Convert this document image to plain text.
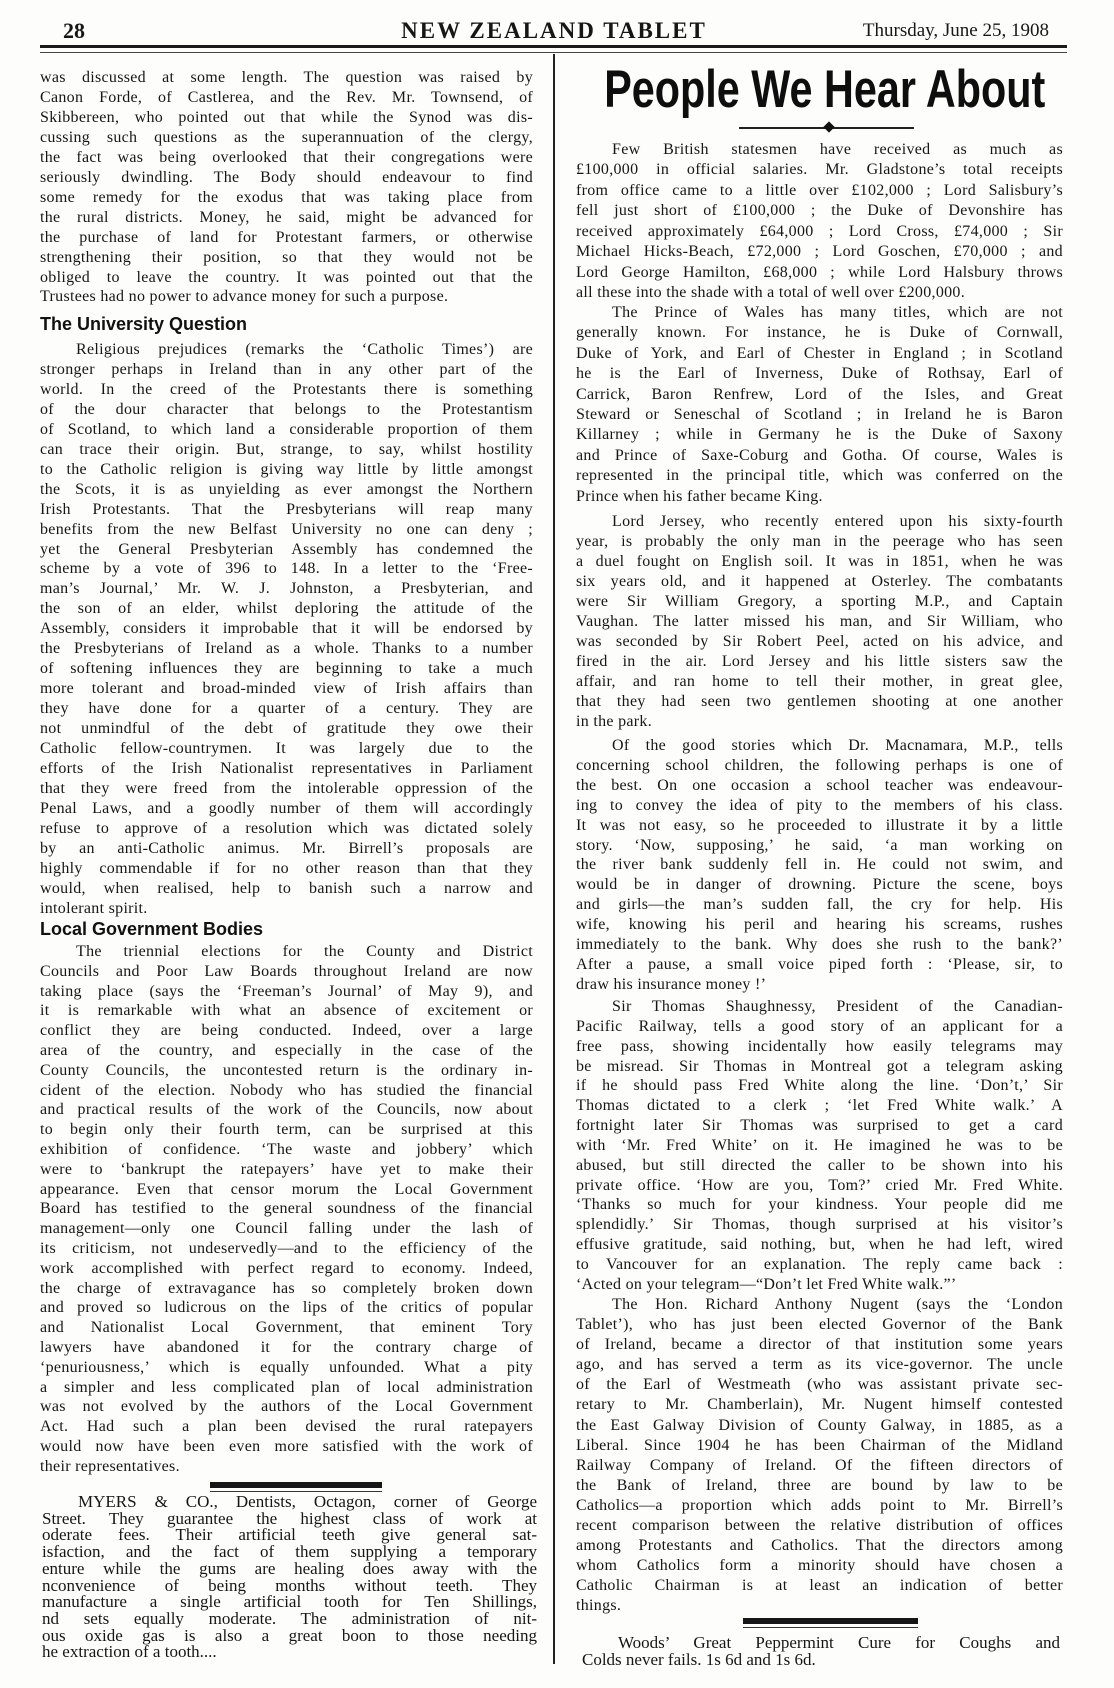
28	NEW ZEALAND TABLET	Thursday, June 25, 1908
was discussed at some length. The question was raised by
Canon Forde, of Castlerea, and the Rev. Mr. Townsend, of
Skibbereen, who pointed out that while the Synod was dis-
cussing such questions as the superannuation of the clergy,
the fact was being overlooked that their congregations were
seriously dwindling. The Body should endeavour to find
some remedy for the exodus that was taking place from
the rural districts. Money, he said, might be advanced for
the purchase of land for Protestant farmers, or otherwise
strengthening their position, so that they would not be
obliged to leave the country. It was pointed out that the
Trustees had no power to advance money for such a purpose.
The University Question
Religious prejudices (remarks the ‘Catholic Times’) are
stronger perhaps in Ireland than in any other part of the
world. In the creed of the Protestants there is something
of the dour character that belongs to the Protestantism
of Scotland, to which land a considerable proportion of them
can trace their origin. But, strange, to say, whilst hostility
to the Catholic religion is giving way little by little amongst
the Scots, it is as unyielding as ever amongst the Northern
Irish Protestants. That the Presbyterians will reap many
benefits from the new Belfast University no one can deny ;
yet the General Presbyterian Assembly has condemned the
scheme by a vote of 396 to 148. In a letter to the ‘Free-
man’s Journal,’ Mr. W. J. Johnston, a Presbyterian, and
the son of an elder, whilst deploring the attitude of the
Assembly, considers it improbable that it will be endorsed by
the Presbyterians of Ireland as a whole. Thanks to a number
of softening influences they are beginning to take a much
more tolerant and broad-minded view of Irish affairs than
they have done for a quarter of a century. They are
not unmindful of the debt of gratitude they owe their
Catholic fellow-countrymen. It was largely due to the
efforts of the Irish Nationalist representatives in Parliament
that they were freed from the intolerable oppression of the
Penal Laws, and a goodly number of them will accordingly
refuse to approve of a resolution which was dictated solely
by an anti-Catholic animus. Mr. Birrell’s proposals are
highly commendable if for no other reason than that they
would, when realised, help to banish such a narrow and
intolerant spirit.
Local Government Bodies
The triennial elections for the County and District
Councils and Poor Law Boards throughout Ireland are now
taking place (says the ‘Freeman’s Journal’ of May 9), and
it is remarkable with what an absence of excitement or
conflict they are being conducted. Indeed, over a large
area of the country, and especially in the case of the
County Councils, the uncontested return is the ordinary in-
cident of the election. Nobody who has studied the financial
and practical results of the work of the Councils, now about
to begin only their fourth term, can be surprised at this
exhibition of confidence. ‘The waste and jobbery’ which
were to ‘bankrupt the ratepayers’ have yet to make their
appearance. Even that censor morum the Local Government
Board has testified to the general soundness of the financial
management—only one Council falling under the lash of
its criticism, not undeservedly—and to the efficiency of the
work accomplished with perfect regard to economy. Indeed,
the charge of extravagance has so completely broken down
and proved so ludicrous on the lips of the critics of popular
and Nationalist Local Government, that eminent Tory
lawyers have abandoned it for the contrary charge of
‘penuriousness,’ which is equally unfounded. What a pity
a simpler and less complicated plan of local administration
was not evolved by the authors of the Local Government
Act. Had such a plan been devised the rural ratepayers
would now have been even more satisfied with the work of
their representatives.
MYERS & CO., Dentists, Octagon, corner of George
Street. They guarantee the highest class of work at
oderate fees. Their artificial teeth give general sat-
isfaction, and the fact of them supplying a temporary
enture while the gums are healing does away with the
nconvenience of being months without teeth. They
manufacture a single artificial tooth for Ten Shillings,
nd sets equally moderate. The administration of nit-
ous oxide gas is also a great boon to those needing
he extraction of a tooth....
People We Hear About
Few British statesmen have received as much as
£100,000 in official salaries. Mr. Gladstone’s total receipts
from office came to a little over £102,000 ; Lord Salisbury’s
fell just short of £100,000 ; the Duke of Devonshire has
received approximately £64,000 ; Lord Cross, £74,000 ; Sir
Michael Hicks-Beach, £72,000 ; Lord Goschen, £70,000 ; and
Lord George Hamilton, £68,000 ; while Lord Halsbury throws
all these into the shade with a total of well over £200,000.
The Prince of Wales has many titles, which are not
generally known. For instance, he is Duke of Cornwall,
Duke of York, and Earl of Chester in England ; in Scotland
he is the Earl of Inverness, Duke of Rothsay, Earl of
Carrick, Baron Renfrew, Lord of the Isles, and Great
Steward or Seneschal of Scotland ; in Ireland he is Baron
Killarney ; while in Germany he is the Duke of Saxony
and Prince of Saxe-Coburg and Gotha. Of course, Wales is
represented in the principal title, which was conferred on the
Prince when his father became King.
Lord Jersey, who recently entered upon his sixty-fourth
year, is probably the only man in the peerage who has seen
a duel fought on English soil. It was in 1851, when he was
six years old, and it happened at Osterley. The combatants
were Sir William Gregory, a sporting M.P., and Captain
Vaughan. The latter missed his man, and Sir William, who
was seconded by Sir Robert Peel, acted on his advice, and
fired in the air. Lord Jersey and his little sisters saw the
affair, and ran home to tell their mother, in great glee,
that they had seen two gentlemen shooting at one another
in the park.
Of the good stories which Dr. Macnamara, M.P., tells
concerning school children, the following perhaps is one of
the best. On one occasion a school teacher was endeavour-
ing to convey the idea of pity to the members of his class.
It was not easy, so he proceeded to illustrate it by a little
story. ‘Now, supposing,’ he said, ‘a man working on
the river bank suddenly fell in. He could not swim, and
would be in danger of drowning. Picture the scene, boys
and girls—the man’s sudden fall, the cry for help. His
wife, knowing his peril and hearing his screams, rushes
immediately to the bank. Why does she rush to the bank?’
After a pause, a small voice piped forth : ‘Please, sir, to
draw his insurance money !’
Sir Thomas Shaughnessy, President of the Canadian-
Pacific Railway, tells a good story of an applicant for a
free pass, showing incidentally how easily telegrams may
be misread. Sir Thomas in Montreal got a telegram asking
if he should pass Fred White along the line. ‘Don’t,’ Sir
Thomas dictated to a clerk ; ‘let Fred White walk.’ A
fortnight later Sir Thomas was surprised to get a card
with ‘Mr. Fred White’ on it. He imagined he was to be
abused, but still directed the caller to be shown into his
private office. ‘How are you, Tom?’ cried Mr. Fred White.
‘Thanks so much for your kindness. Your people did me
splendidly.’ Sir Thomas, though surprised at his visitor’s
effusive gratitude, said nothing, but, when he had left, wired
to Vancouver for an explanation. The reply came back :
‘Acted on your telegram—“Don’t let Fred White walk.”’
The Hon. Richard Anthony Nugent (says the ‘London
Tablet’), who has just been elected Governor of the Bank
of Ireland, became a director of that institution some years
ago, and has served a term as its vice-governor. The uncle
of the Earl of Westmeath (who was assistant private sec-
retary to Mr. Chamberlain), Mr. Nugent himself contested
the East Galway Division of County Galway, in 1885, as a
Liberal. Since 1904 he has been Chairman of the Midland
Railway Company of Ireland. Of the fifteen directors of
the Bank of Ireland, three are bound by law to be
Catholics—a proportion which adds point to Mr. Birrell’s
recent comparison between the relative distribution of offices
among Protestants and Catholics. That the directors among
whom Catholics form a minority should have chosen a
Catholic Chairman is at least an indication of better
things.
Woods’ Great Peppermint Cure for Coughs and
Colds never fails. 1s 6d and 1s 6d.
